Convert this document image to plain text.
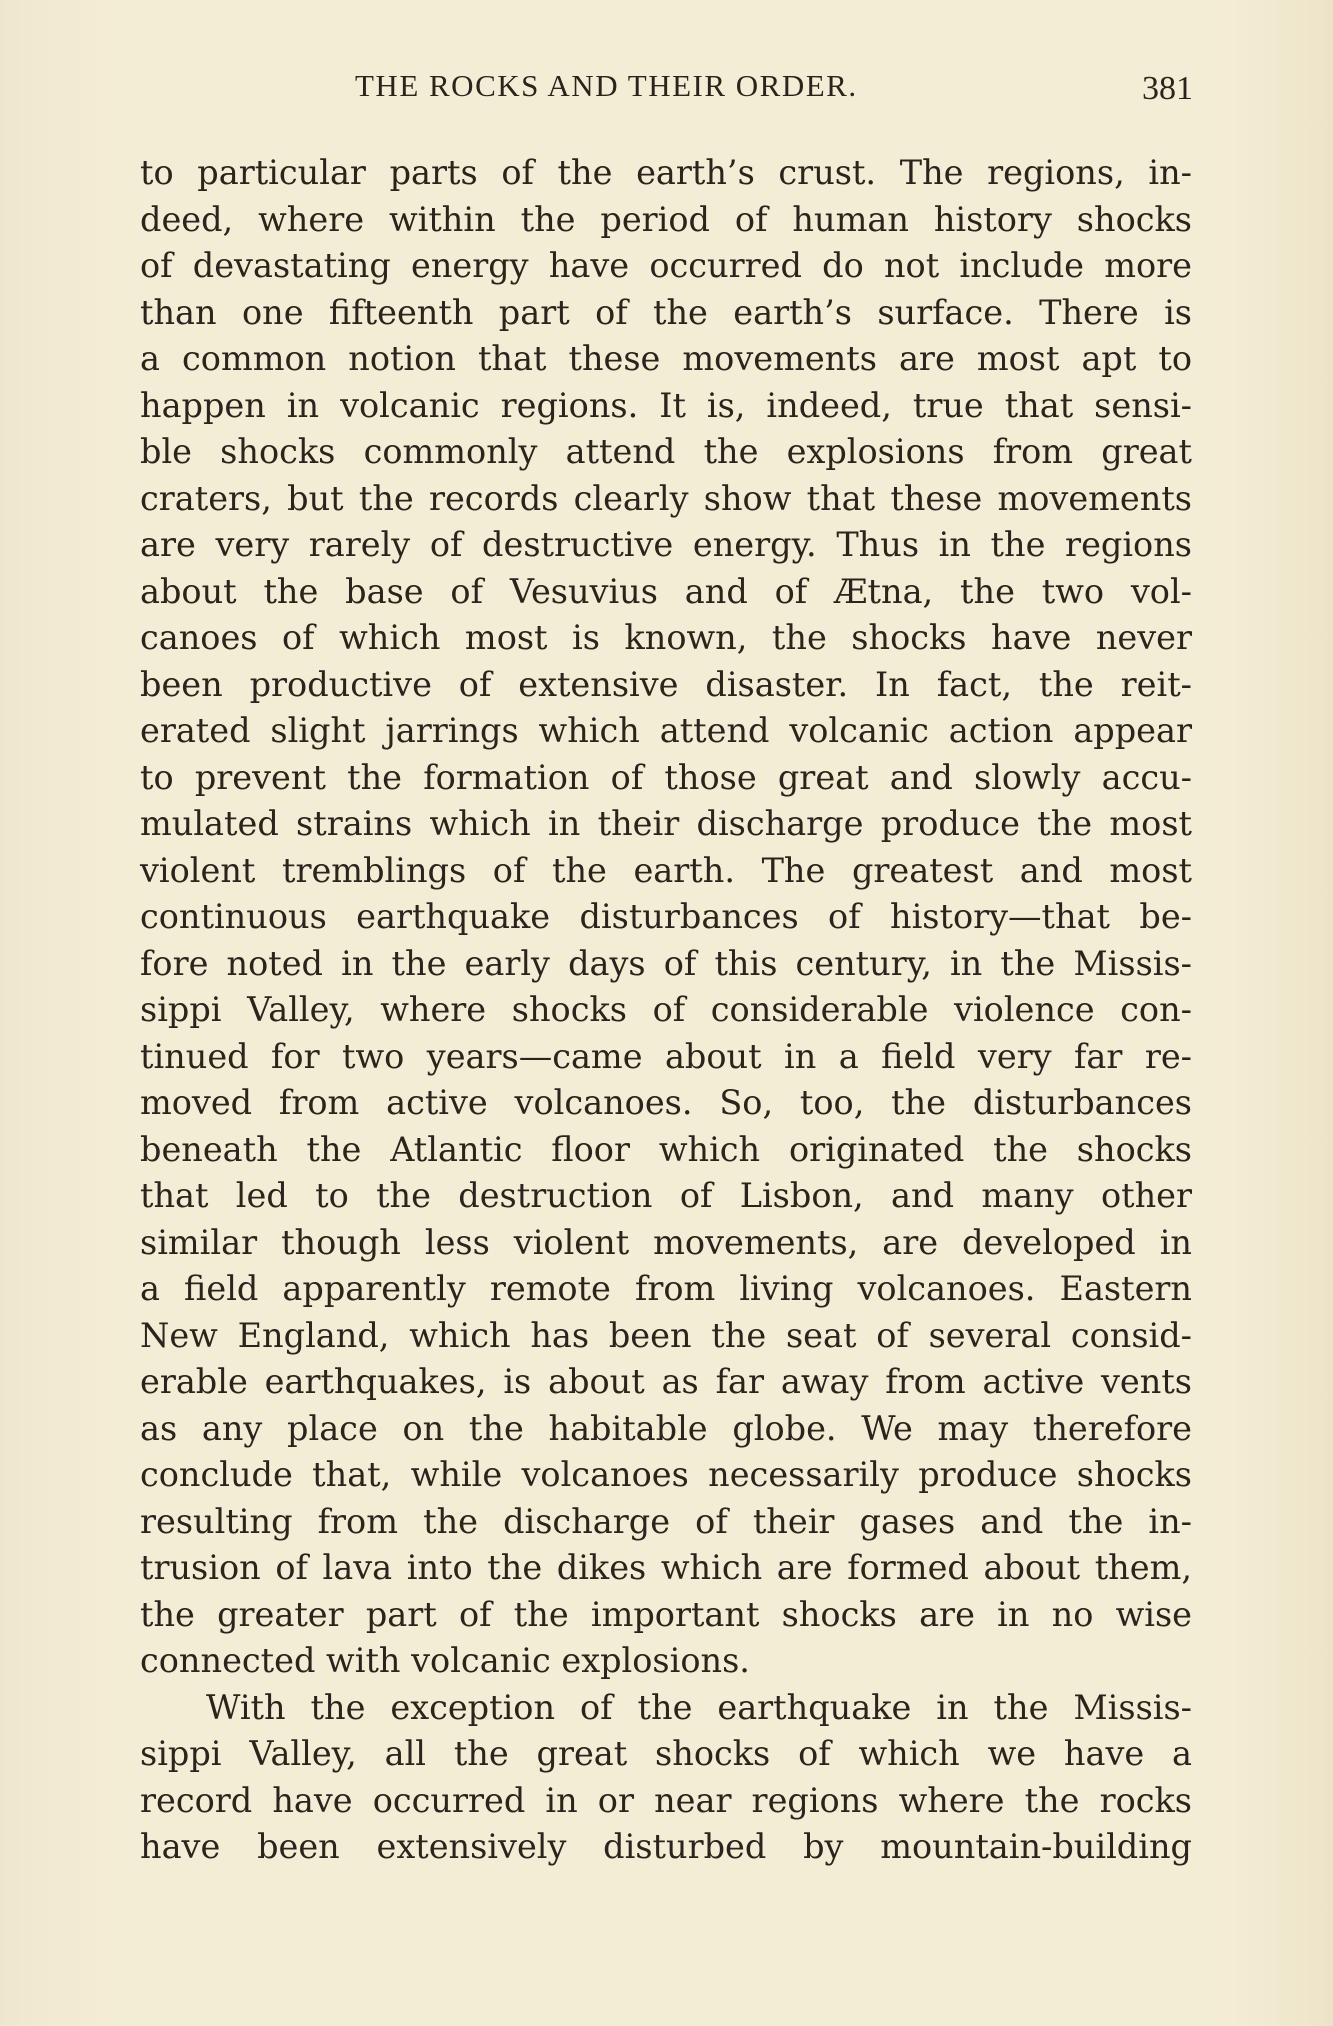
THE ROCKS AND THEIR ORDER.	381
to particular parts of the earth’s crust. The regions, in-
deed, where within the period of human history shocks
of devastating energy have occurred do not include more
than one fifteenth part of the earth’s surface. There is
a common notion that these movements are most apt to
happen in volcanic regions. It is, indeed, true that sensi-
ble shocks commonly attend the explosions from great
craters, but the records clearly show that these movements
are very rarely of destructive energy. Thus in the regions
about the base of Vesuvius and of Ætna, the two vol-
canoes of which most is known, the shocks have never
been productive of extensive disaster. In fact, the reit-
erated slight jarrings which attend volcanic action appear
to prevent the formation of those great and slowly accu-
mulated strains which in their discharge produce the most
violent tremblings of the earth. The greatest and most
continuous earthquake disturbances of history—that be-
fore noted in the early days of this century, in the Missis-
sippi Valley, where shocks of considerable violence con-
tinued for two years—came about in a field very far re-
moved from active volcanoes. So, too, the disturbances
beneath the Atlantic floor which originated the shocks
that led to the destruction of Lisbon, and many other
similar though less violent movements, are developed in
a field apparently remote from living volcanoes. Eastern
New England, which has been the seat of several consid-
erable earthquakes, is about as far away from active vents
as any place on the habitable globe. We may therefore
conclude that, while volcanoes necessarily produce shocks
resulting from the discharge of their gases and the in-
trusion of lava into the dikes which are formed about them,
the greater part of the important shocks are in no wise
connected with volcanic explosions.
With the exception of the earthquake in the Missis-
sippi Valley, all the great shocks of which we have a
record have occurred in or near regions where the rocks
have been extensively disturbed by mountain-building
